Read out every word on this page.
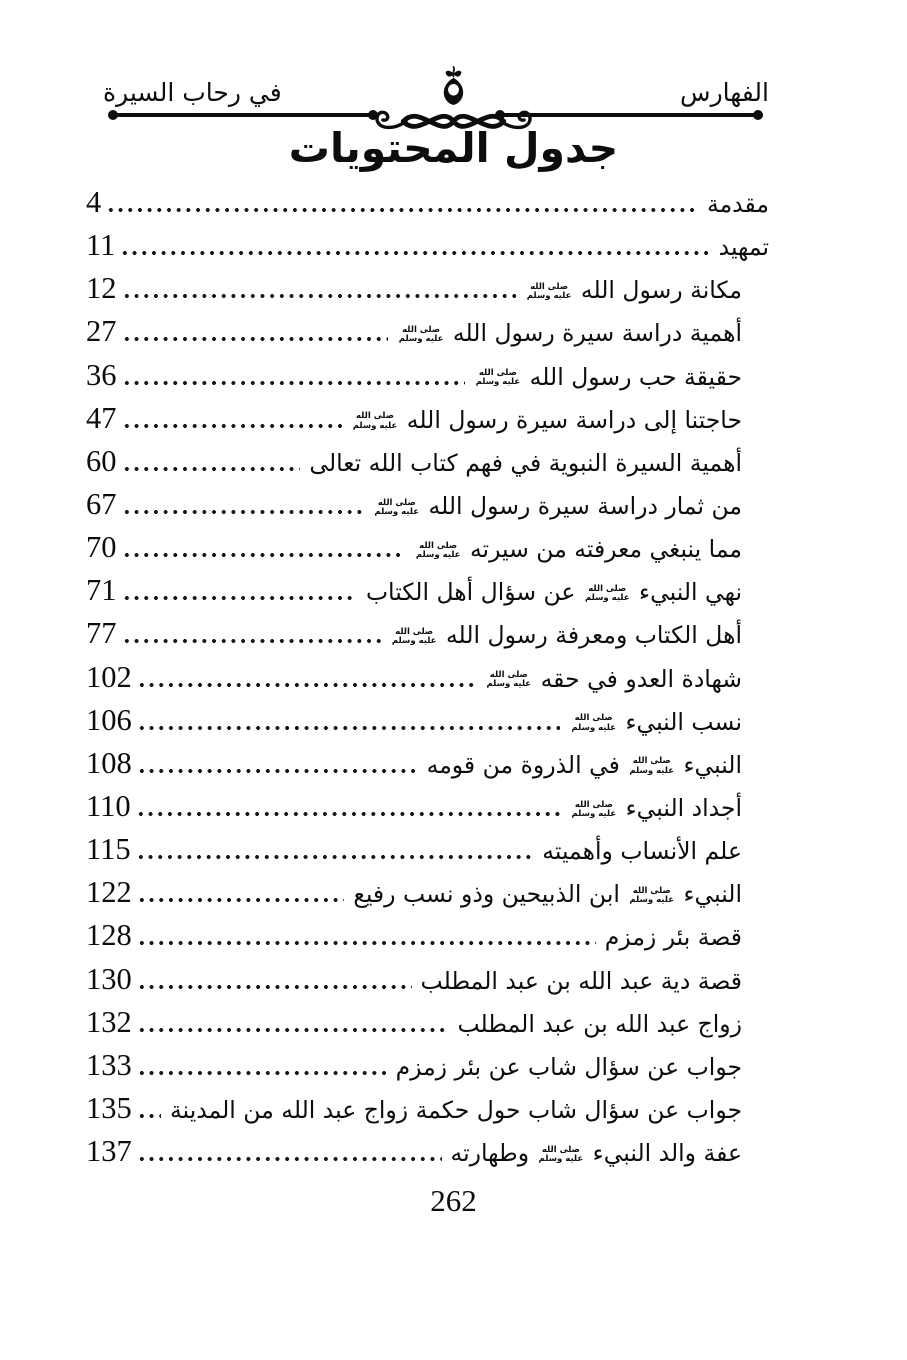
الفهارس
في رحاب السيرة
جدول المحتويات
مقدمة
4
تمهيد
11
مكانة رسول الله
صلى الله
عليه وسلم
12
أهمية دراسة سيرة رسول الله
صلى الله
عليه وسلم
27
حقيقة حب رسول الله
صلى الله
عليه وسلم
36
حاجتنا إلى دراسة سيرة رسول الله
صلى الله
عليه وسلم
47
أهمية السيرة النبوية في فهم كتاب الله تعالى
60
من ثمار دراسة سيرة رسول الله
صلى الله
عليه وسلم
67
مما ينبغي معرفته من سيرته
صلى الله
عليه وسلم
70
نهي النبيء
صلى الله
عليه وسلم
عن سؤال أهل الكتاب
71
أهل الكتاب ومعرفة رسول الله
صلى الله
عليه وسلم
77
شهادة العدو في حقه
صلى الله
عليه وسلم
102
نسب النبيء
صلى الله
عليه وسلم
106
النبيء
صلى الله
عليه وسلم
في الذروة من قومه
108
أجداد النبيء
صلى الله
عليه وسلم
110
علم الأنساب وأهميته
115
النبيء
صلى الله
عليه وسلم
ابن الذبيحين وذو نسب رفيع
122
قصة بئر زمزم
128
قصة دية عبد الله بن عبد المطلب
130
زواج عبد الله بن عبد المطلب
132
جواب عن سؤال شاب عن بئر زمزم
133
جواب عن سؤال شاب حول حكمة زواج عبد الله من المدينة
135
عفة والد النبيء
صلى الله
عليه وسلم
وطهارته
137
262
